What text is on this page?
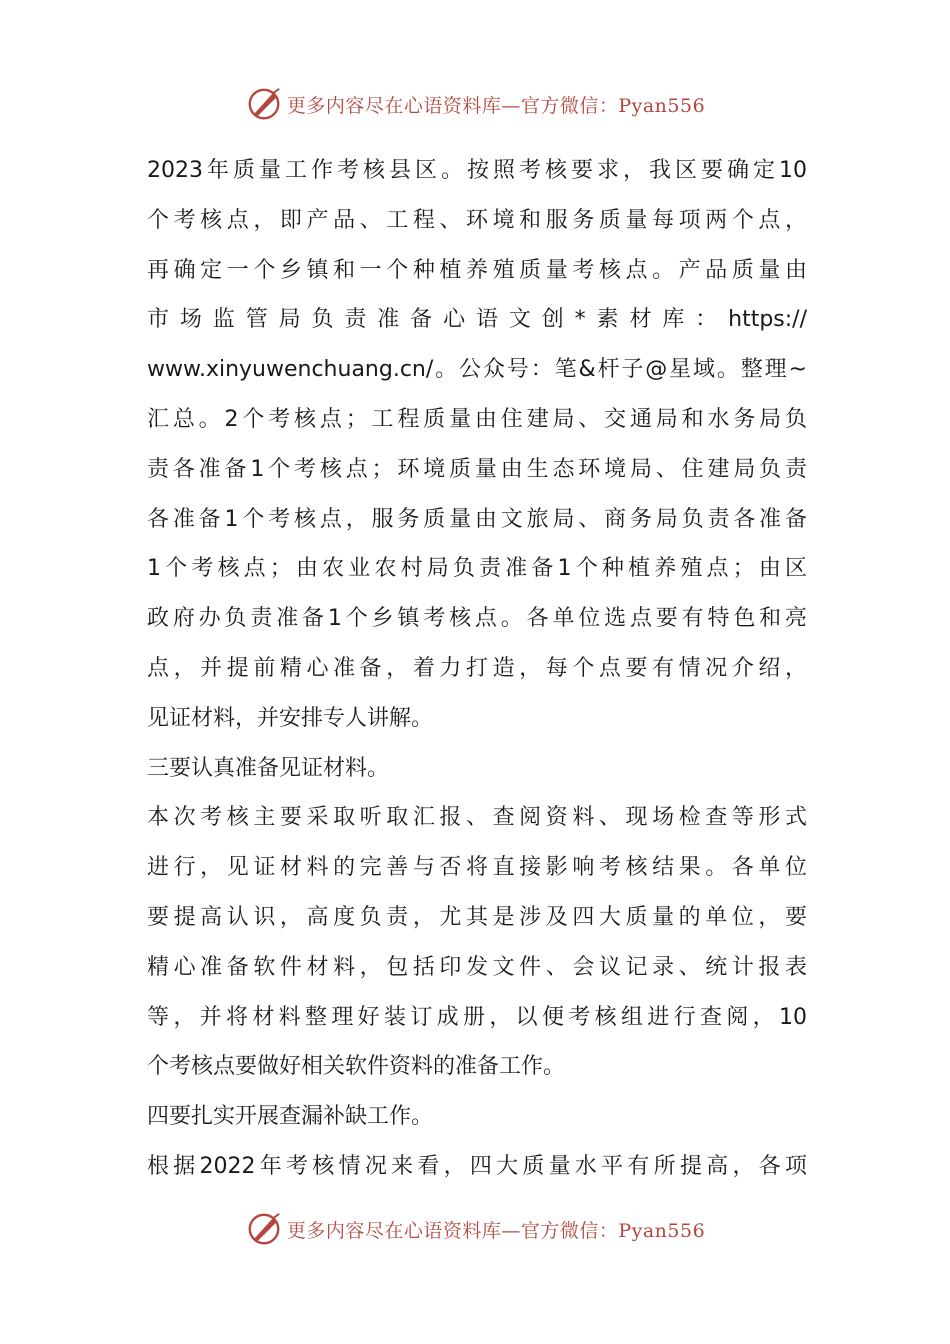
更多内容尽在心语资料库—官方微信：Pyan556
2023年质量工作考核县区。按照考核要求，我区要确定10
个考核点，即产品、工程、环境和服务质量每项两个点，
再确定一个乡镇和一个种植养殖质量考核点。产品质量由
市场监管局负责准备心语文创*素材库：https://
www.xinyuwenchuang.cn/。公众号：笔&杆子@星域。整理~
汇总。2个考核点；工程质量由住建局、交通局和水务局负
责各准备1个考核点；环境质量由生态环境局、住建局负责
各准备1个考核点，服务质量由文旅局、商务局负责各准备
1个考核点；由农业农村局负责准备1个种植养殖点；由区
政府办负责准备1个乡镇考核点。各单位选点要有特色和亮
点，并提前精心准备，着力打造，每个点要有情况介绍，
见证材料，并安排专人讲解。
三要认真准备见证材料。
本次考核主要采取听取汇报、查阅资料、现场检查等形式
进行，见证材料的完善与否将直接影响考核结果。各单位
要提高认识，高度负责，尤其是涉及四大质量的单位，要
精心准备软件材料，包括印发文件、会议记录、统计报表
等，并将材料整理好装订成册，以便考核组进行查阅，10
个考核点要做好相关软件资料的准备工作。
四要扎实开展查漏补缺工作。
根据2022年考核情况来看，四大质量水平有所提高，各项
更多内容尽在心语资料库—官方微信：Pyan556
